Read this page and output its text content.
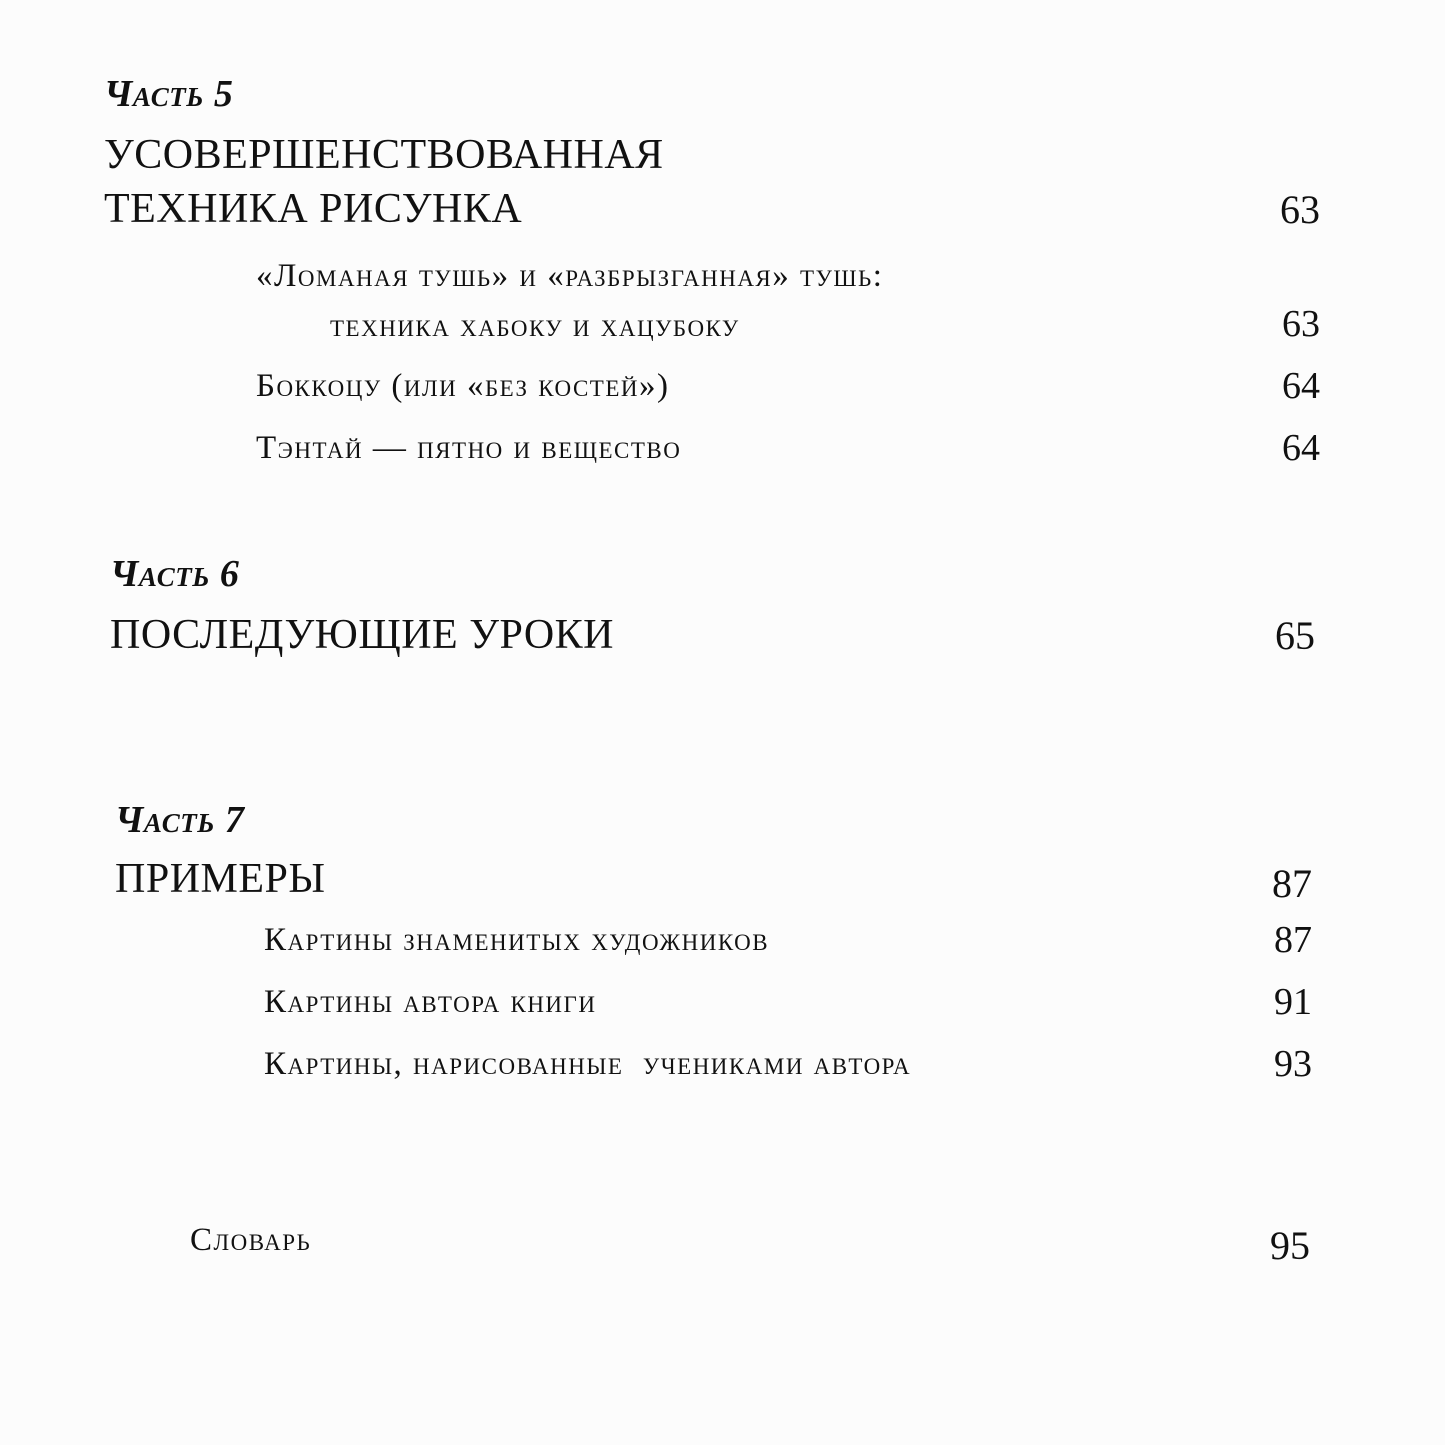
Часть 5
УСОВЕРШЕНСТВОВАННАЯ
ТЕХНИКА РИСУНКА	63
«Ломаная тушь» и «разбрызганная» тушь:
техника хабоку и хацубоку	63
Боккоцу (или «без костей»)	64
Тэнтай — пятно и вещество	64
Часть 6
ПОСЛЕДУЮЩИЕ УРОКИ	65
Часть 7
ПРИМЕРЫ	87
Картины знаменитых художников	87
Картины автора книги	91
Картины, нарисованные  учениками автора	93
Словарь	95
